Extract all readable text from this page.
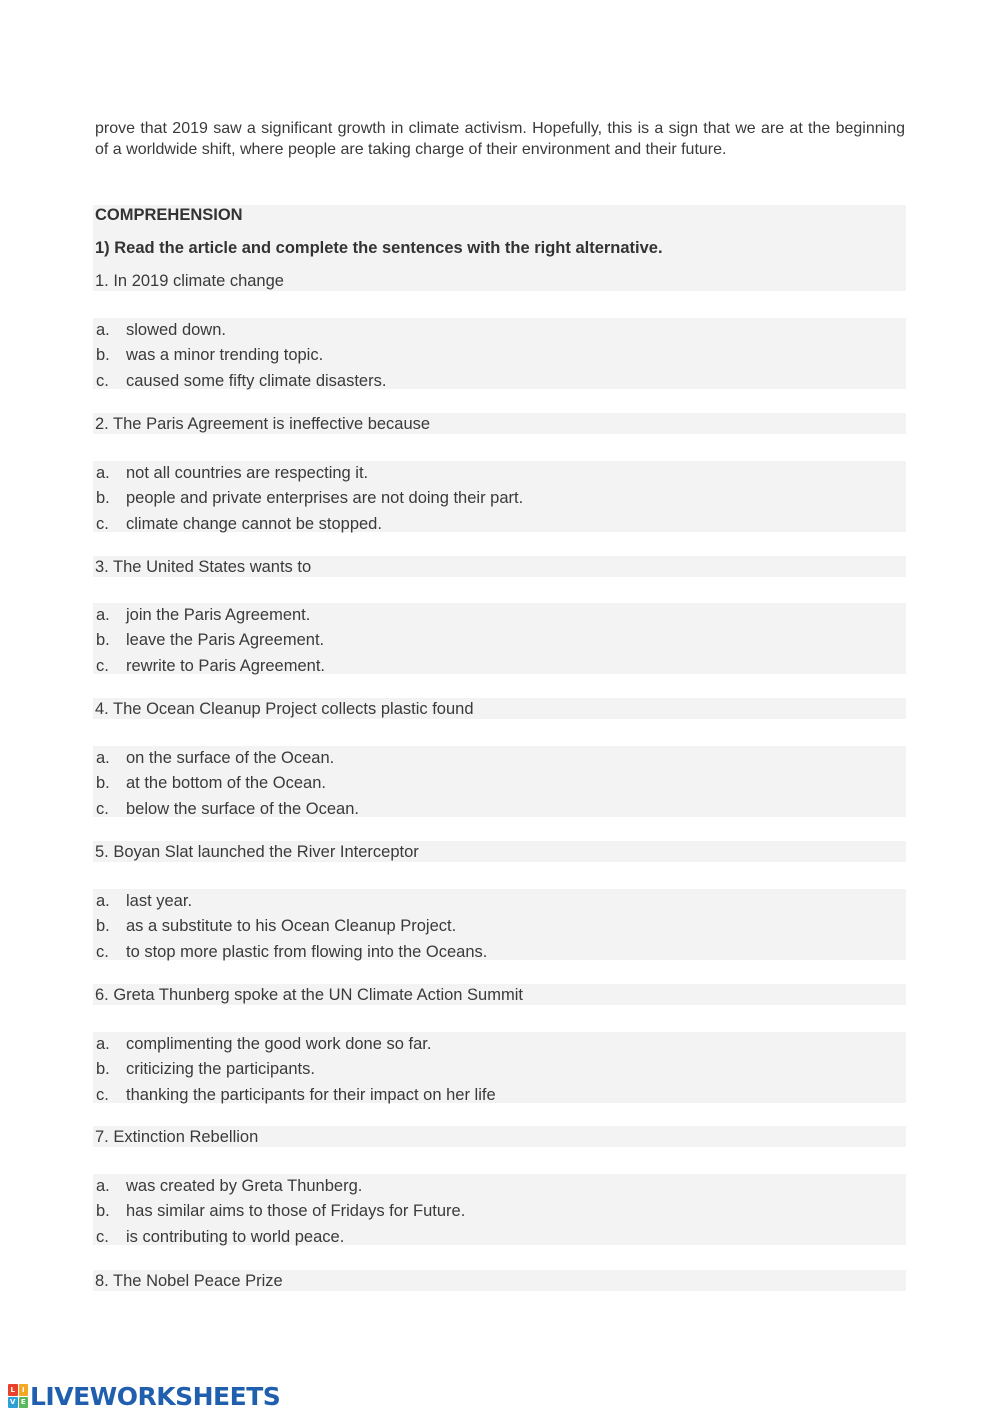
prove that 2019 saw a significant growth in climate activism. Hopefully, this is a sign that we are at the beginning of a worldwide shift, where people are taking charge of their environment and their future.

COMPREHENSION
1) Read the article and complete the sentences with the right alternative.
1. In 2019 climate change
a. slowed down.
b. was a minor trending topic.
c. caused some fifty climate disasters.
2. The Paris Agreement is ineffective because
a. not all countries are respecting it.
b. people and private enterprises are not doing their part.
c. climate change cannot be stopped.
3. The United States wants to
a. join the Paris Agreement.
b. leave the Paris Agreement.
c. rewrite to Paris Agreement.
4. The Ocean Cleanup Project collects plastic found
a. on the surface of the Ocean.
b. at the bottom of the Ocean.
c. below the surface of the Ocean.
5. Boyan Slat launched the River Interceptor
a. last year.
b. as a substitute to his Ocean Cleanup Project.
c. to stop more plastic from flowing into the Oceans.
6. Greta Thunberg spoke at the UN Climate Action Summit
a. complimenting the good work done so far.
b. criticizing the participants.
c. thanking the participants for their impact on her life
7. Extinction Rebellion
a. was created by Greta Thunberg.
b. has similar aims to those of Fridays for Future.
c. is contributing to world peace.
8. The Nobel Peace Prize
L I
V E LIVEWORKSHEETS
